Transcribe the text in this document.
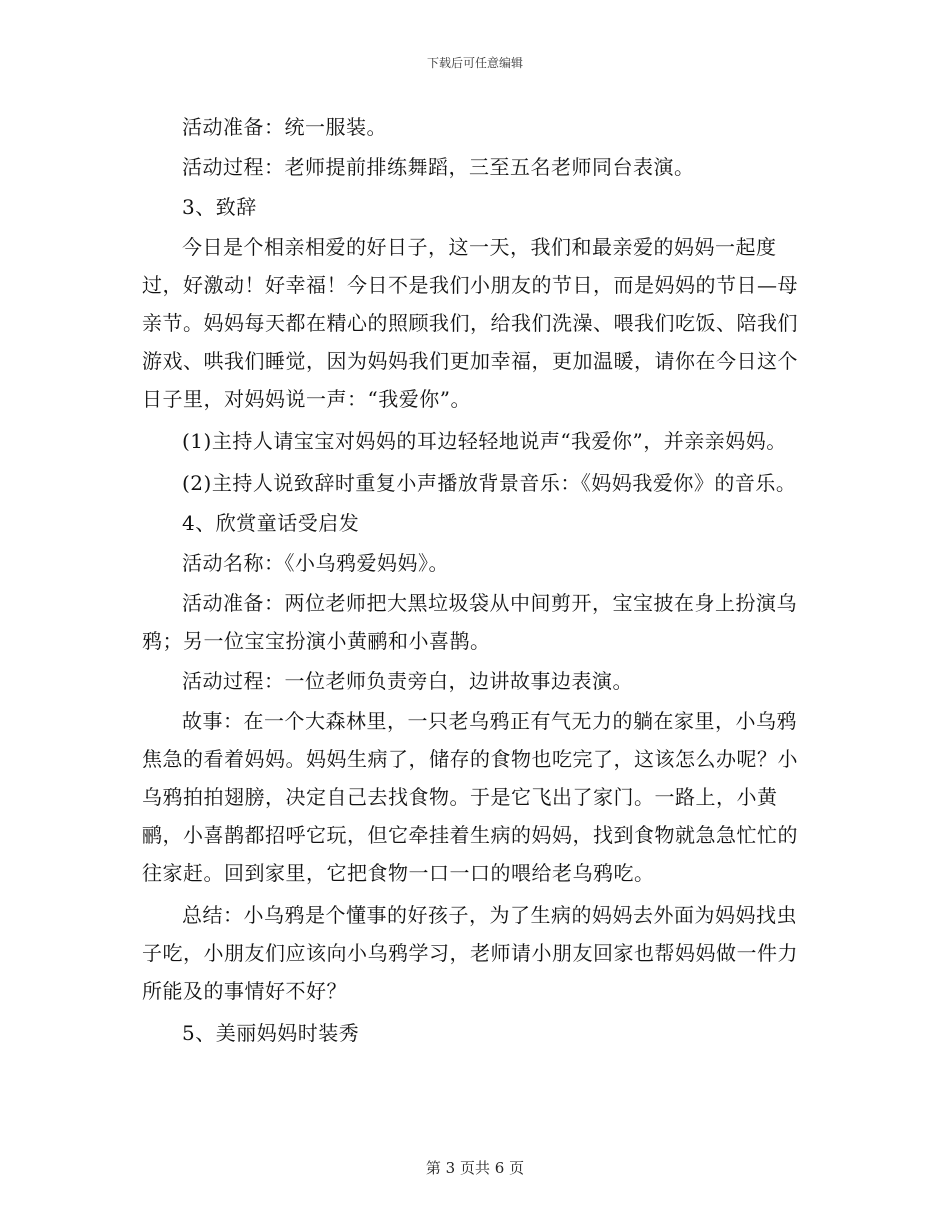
下载后可任意编辑

活动准备：统一服装。

活动过程：老师提前排练舞蹈，三至五名老师同台表演。

3、致辞

今日是个相亲相爱的好日子，这一天，我们和最亲爱的妈妈一起度过，好激动！好幸福！今日不是我们小朋友的节日，而是妈妈的节日—母亲节。妈妈每天都在精心的照顾我们，给我们洗澡、喂我们吃饭、陪我们游戏、哄我们睡觉，因为妈妈我们更加幸福，更加温暖，请你在今日这个日子里，对妈妈说一声：“我爱你”。

(1)主持人请宝宝对妈妈的耳边轻轻地说声“我爱你”，并亲亲妈妈。

(2)主持人说致辞时重复小声播放背景音乐：《妈妈我爱你》的音乐。

4、欣赏童话受启发

活动名称：《小乌鸦爱妈妈》。

活动准备：两位老师把大黑垃圾袋从中间剪开，宝宝披在身上扮演乌鸦；另一位宝宝扮演小黄鹂和小喜鹊。

活动过程：一位老师负责旁白，边讲故事边表演。

故事：在一个大森林里，一只老乌鸦正有气无力的躺在家里，小乌鸦焦急的看着妈妈。妈妈生病了，储存的食物也吃完了，这该怎么办呢？小乌鸦拍拍翅膀，决定自己去找食物。于是它飞出了家门。一路上，小黄鹂，小喜鹊都招呼它玩，但它牵挂着生病的妈妈，找到食物就急急忙忙的往家赶。回到家里，它把食物一口一口的喂给老乌鸦吃。

总结：小乌鸦是个懂事的好孩子，为了生病的妈妈去外面为妈妈找虫子吃，小朋友们应该向小乌鸦学习，老师请小朋友回家也帮妈妈做一件力所能及的事情好不好？

5、美丽妈妈时装秀

第 3 页共 6 页
